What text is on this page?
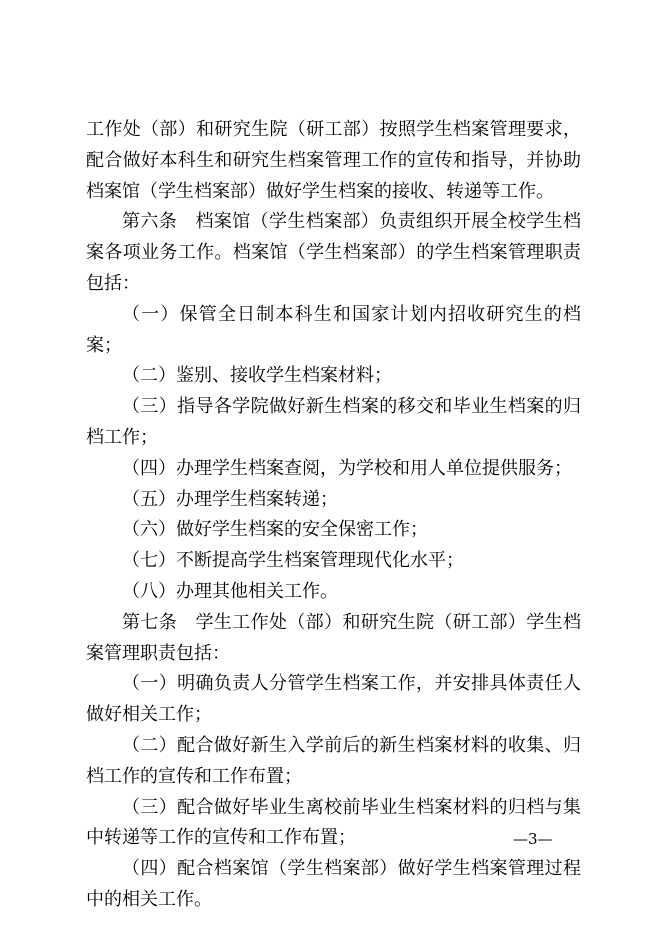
工作处（部）和研究生院（研工部）按照学生档案管理要求，配合做好本科生和研究生档案管理工作的宣传和指导，并协助档案馆（学生档案部）做好学生档案的接收、转递等工作。

第六条　档案馆（学生档案部）负责组织开展全校学生档案各项业务工作。档案馆（学生档案部）的学生档案管理职责包括：

（一）保管全日制本科生和国家计划内招收研究生的档案；

（二）鉴别、接收学生档案材料；

（三）指导各学院做好新生档案的移交和毕业生档案的归档工作；

（四）办理学生档案查阅，为学校和用人单位提供服务；

（五）办理学生档案转递；

（六）做好学生档案的安全保密工作；

（七）不断提高学生档案管理现代化水平；

（八）办理其他相关工作。

第七条　学生工作处（部）和研究生院（研工部）学生档案管理职责包括：

（一）明确负责人分管学生档案工作，并安排具体责任人做好相关工作；

（二）配合做好新生入学前后的新生档案材料的收集、归档工作的宣传和工作布置；

（三）配合做好毕业生离校前毕业生档案材料的归档与集中转递等工作的宣传和工作布置；

（四）配合档案馆（学生档案部）做好学生档案管理过程中的相关工作。

—3—
